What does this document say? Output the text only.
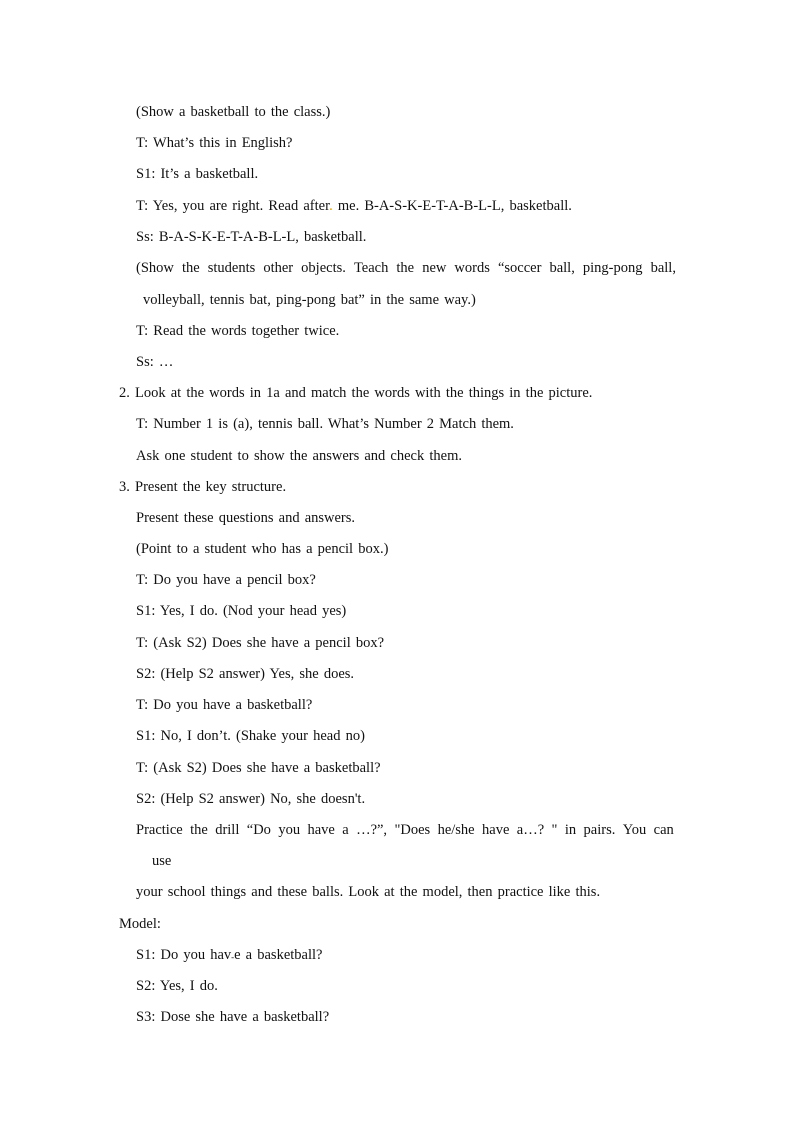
(Show a basketball to the class.)
T: What’s this in English?
S1: It’s a basketball.
T: Yes, you are right. Read after. me. B-A-S-K-E-T-A-B-L-L, basketball.
Ss: B-A-S-K-E-T-A-B-L-L, basketball.
(Show the students other objects. Teach the new words “soccer ball, ping-pong ball,
volleyball, tennis bat, ping-pong bat” in the same way.)
T: Read the words together twice.
Ss: …
2. Look at the words in 1a and match the words with the things in the picture.
T: Number 1 is (a), tennis ball. What’s Number 2 Match them.
Ask one student to show the answers and check them.
3. Present the key structure.
Present these questions and answers.
(Point to a student who has a pencil box.)
T: Do you have a pencil box?
S1: Yes, I do. (Nod your head yes)
T: (Ask S2) Does she have a pencil box?
S2: (Help S2 answer) Yes, she does.
T: Do you have a basketball?
S1: No, I don’t. (Shake your head no)
T: (Ask S2) Does she have a basketball?
S2: (Help S2 answer) No, she doesn't.
Practice the drill “Do you have a …?”, "Does he/she have a…? " in pairs. You can
use
your school things and these balls. Look at the model, then practice like this.
Model:
S1: Do you hav-e a basketball?
S2: Yes, I do.
S3: Dose she have a basketball?
